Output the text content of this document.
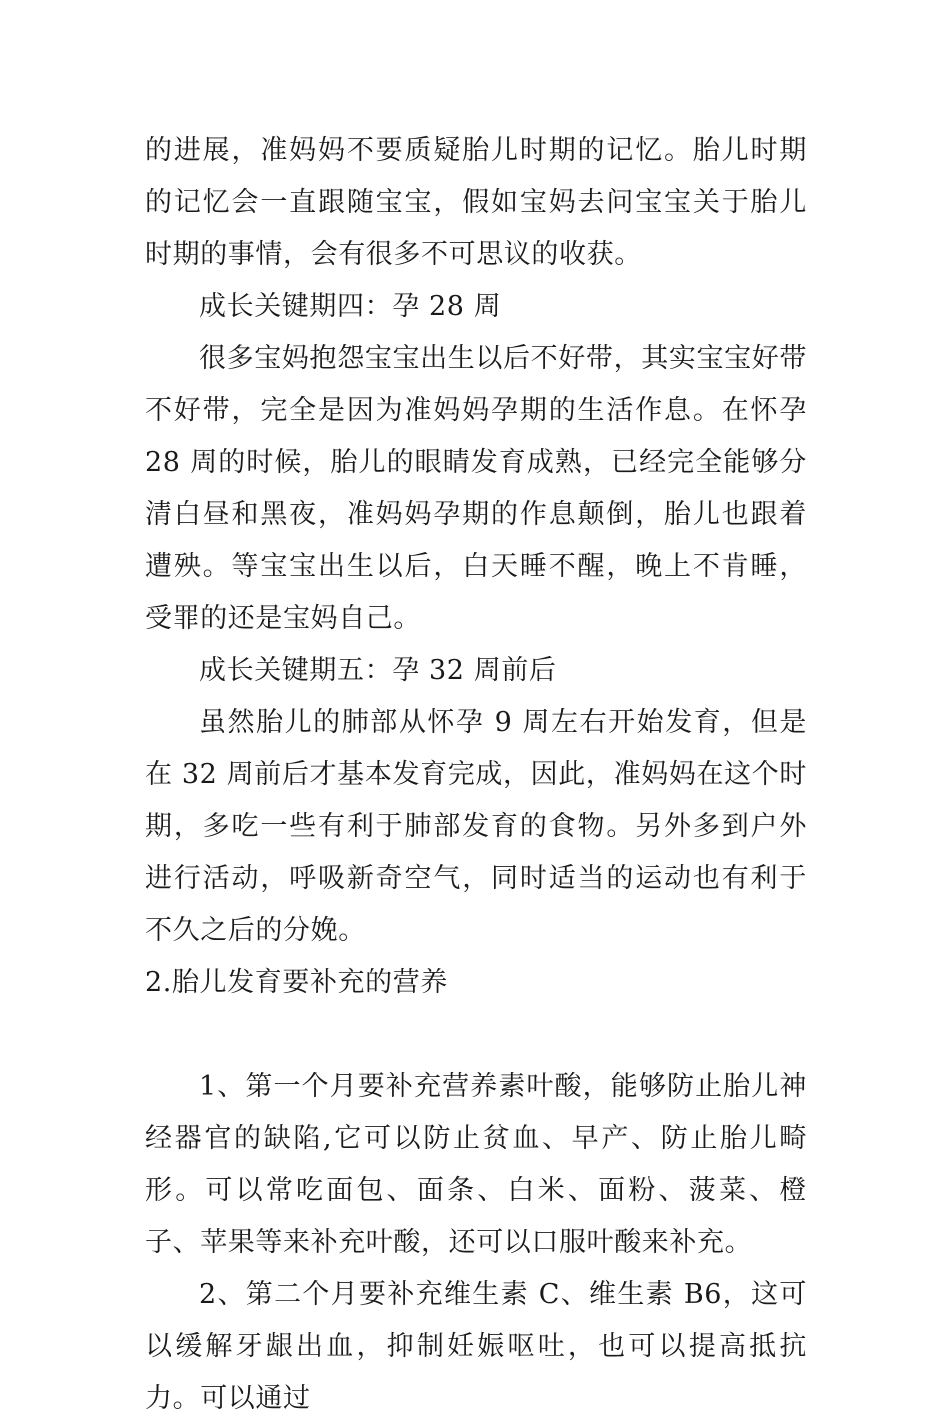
的进展，准妈妈不要质疑胎儿时期的记忆。胎儿时期的记忆会一直跟随宝宝，假如宝妈去问宝宝关于胎儿时期的事情，会有很多不可思议的收获。

成长关键期四：孕 28 周

很多宝妈抱怨宝宝出生以后不好带，其实宝宝好带不好带，完全是因为准妈妈孕期的生活作息。在怀孕 28 周的时候，胎儿的眼睛发育成熟，已经完全能够分清白昼和黑夜，准妈妈孕期的作息颠倒，胎儿也跟着遭殃。等宝宝出生以后，白天睡不醒，晚上不肯睡，受罪的还是宝妈自己。

成长关键期五：孕 32 周前后

虽然胎儿的肺部从怀孕 9 周左右开始发育，但是在 32 周前后才基本发育完成，因此，准妈妈在这个时期，多吃一些有利于肺部发育的食物。另外多到户外进行活动，呼吸新奇空气，同时适当的运动也有利于不久之后的分娩。

2.胎儿发育要补充的营养

1、第一个月要补充营养素叶酸，能够防止胎儿神经器官的缺陷,它可以防止贫血、早产、防止胎儿畸形。可以常吃面包、面条、白米、面粉、菠菜、橙子、苹果等来补充叶酸，还可以口服叶酸来补充。

2、第二个月要补充维生素 C、维生素 B6，这可以缓解牙龈出血，抑制妊娠呕吐，也可以提高抵抗力。可以通过
